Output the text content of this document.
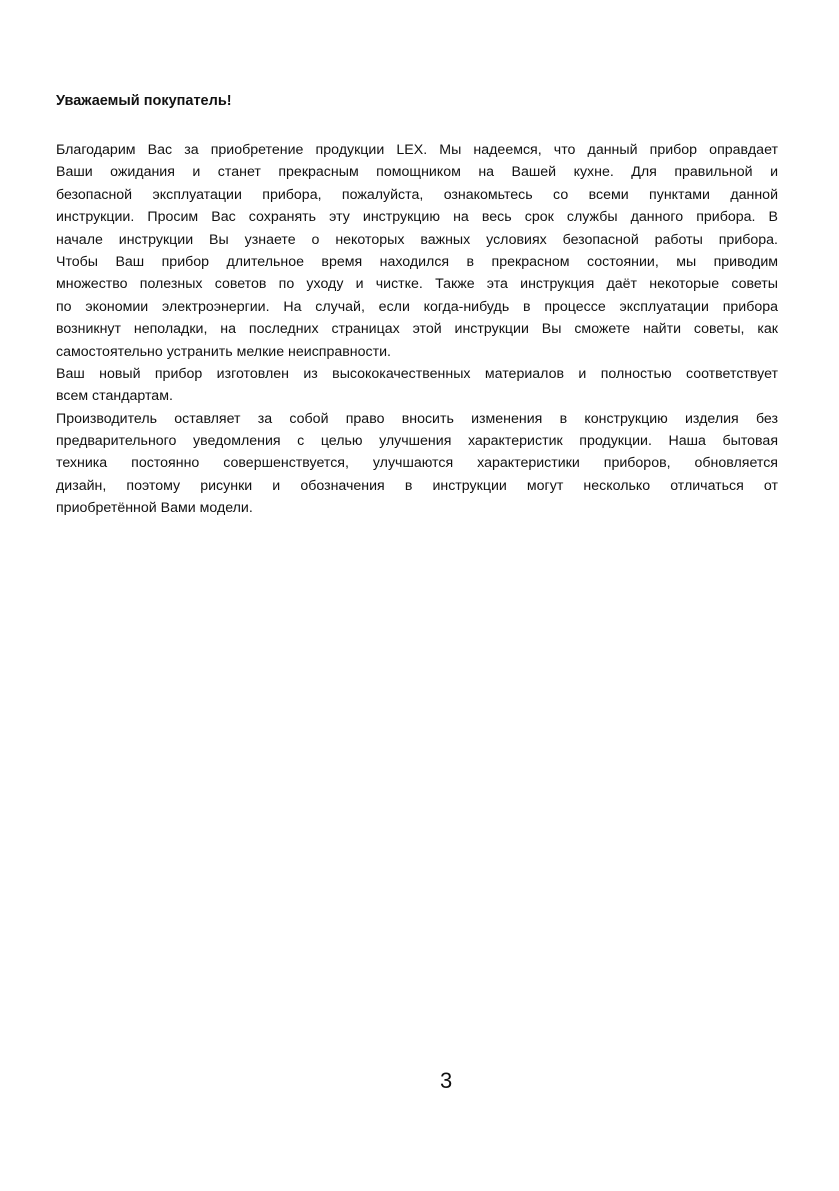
Уважаемый покупатель!
Благодарим Вас за приобретение продукции LEX. Мы надеемся, что данный прибор оправдает
Ваши ожидания и станет прекрасным помощником на Вашей кухне. Для правильной и
безопасной эксплуатации прибора, пожалуйста, ознакомьтесь со всеми пунктами данной
инструкции. Просим Вас сохранять эту инструкцию на весь срок службы данного прибора. В
начале инструкции Вы узнаете о некоторых важных условиях безопасной работы прибора.
Чтобы Ваш прибор длительное время находился в прекрасном состоянии, мы приводим
множество полезных советов по уходу и чистке. Также эта инструкция даёт некоторые советы
по экономии электроэнергии. На случай, если когда-нибудь в процессе эксплуатации прибора
возникнут неполадки, на последних страницах этой инструкции Вы сможете найти советы, как
самостоятельно устранить мелкие неисправности.
Ваш новый прибор изготовлен из высококачественных материалов и полностью соответствует
всем стандартам.
Производитель оставляет за собой право вносить изменения в конструкцию изделия без
предварительного уведомления с целью улучшения характеристик продукции. Наша бытовая
техника постоянно совершенствуется, улучшаются характеристики приборов, обновляется
дизайн, поэтому рисунки и обозначения в инструкции могут несколько отличаться от
приобретённой Вами модели.
3
